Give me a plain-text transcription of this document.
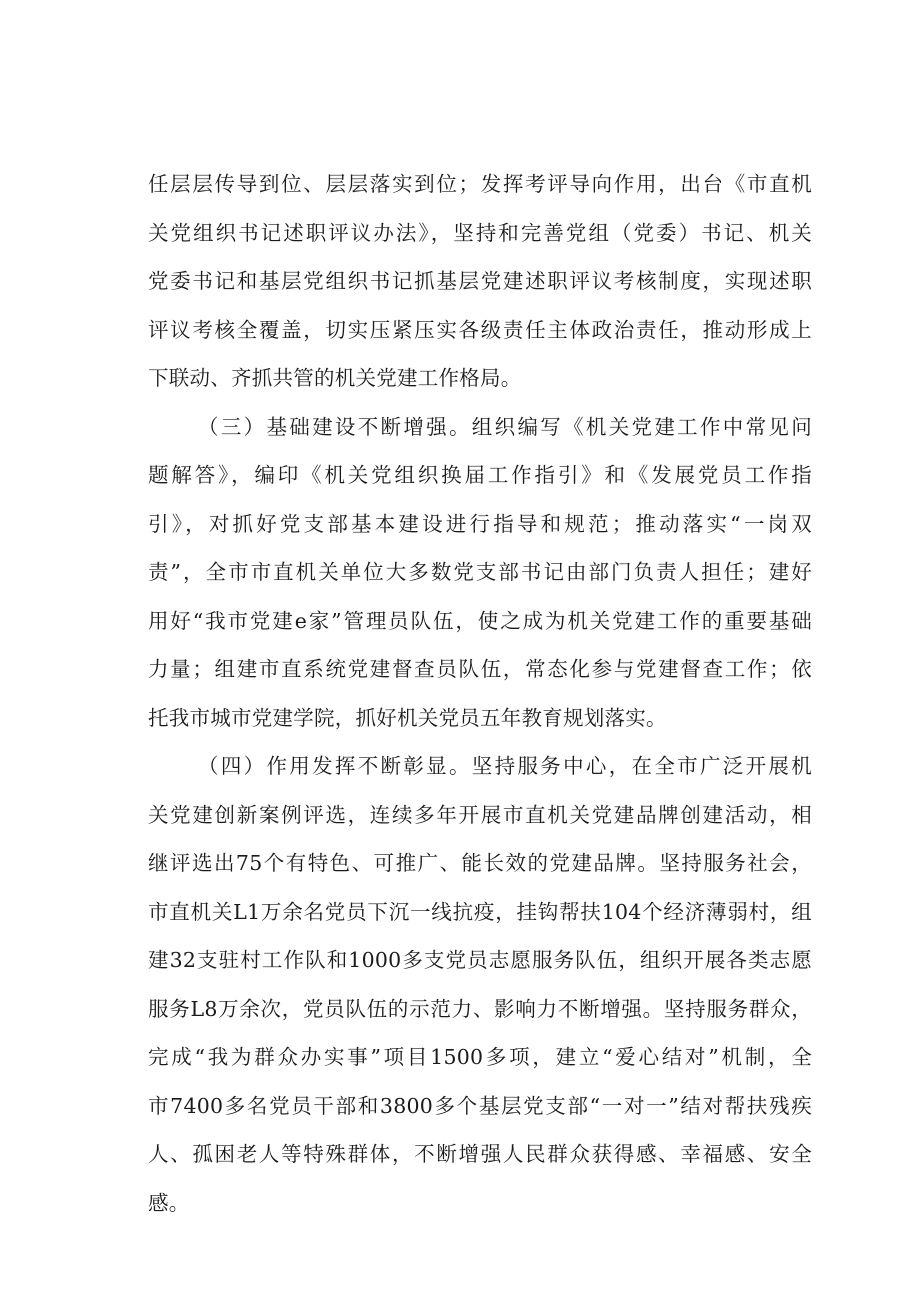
任层层传导到位、层层落实到位；发挥考评导向作用，出台《市直机
关党组织书记述职评议办法》，坚持和完善党组（党委）书记、机关
党委书记和基层党组织书记抓基层党建述职评议考核制度，实现述职
评议考核全覆盖，切实压紧压实各级责任主体政治责任，推动形成上
下联动、齐抓共管的机关党建工作格局。
（三）基础建设不断增强。组织编写《机关党建工作中常见问
题解答》，编印《机关党组织换届工作指引》和《发展党员工作指
引》，对抓好党支部基本建设进行指导和规范；推动落实“一岗双
责”，全市市直机关单位大多数党支部书记由部门负责人担任；建好
用好“我市党建e家”管理员队伍，使之成为机关党建工作的重要基础
力量；组建市直系统党建督查员队伍，常态化参与党建督查工作；依
托我市城市党建学院，抓好机关党员五年教育规划落实。
（四）作用发挥不断彰显。坚持服务中心，在全市广泛开展机
关党建创新案例评选，连续多年开展市直机关党建品牌创建活动，相
继评选出75个有特色、可推广、能长效的党建品牌。坚持服务社会，
市直机关L1万余名党员下沉一线抗疫，挂钩帮扶104个经济薄弱村，组
建32支驻村工作队和1000多支党员志愿服务队伍，组织开展各类志愿
服务L8万余次，党员队伍的示范力、影响力不断增强。坚持服务群众，
完成“我为群众办实事”项目1500多项，建立“爱心结对”机制，全
市7400多名党员干部和3800多个基层党支部“一对一”结对帮扶残疾
人、孤困老人等特殊群体，不断增强人民群众获得感、幸福感、安全
感。
